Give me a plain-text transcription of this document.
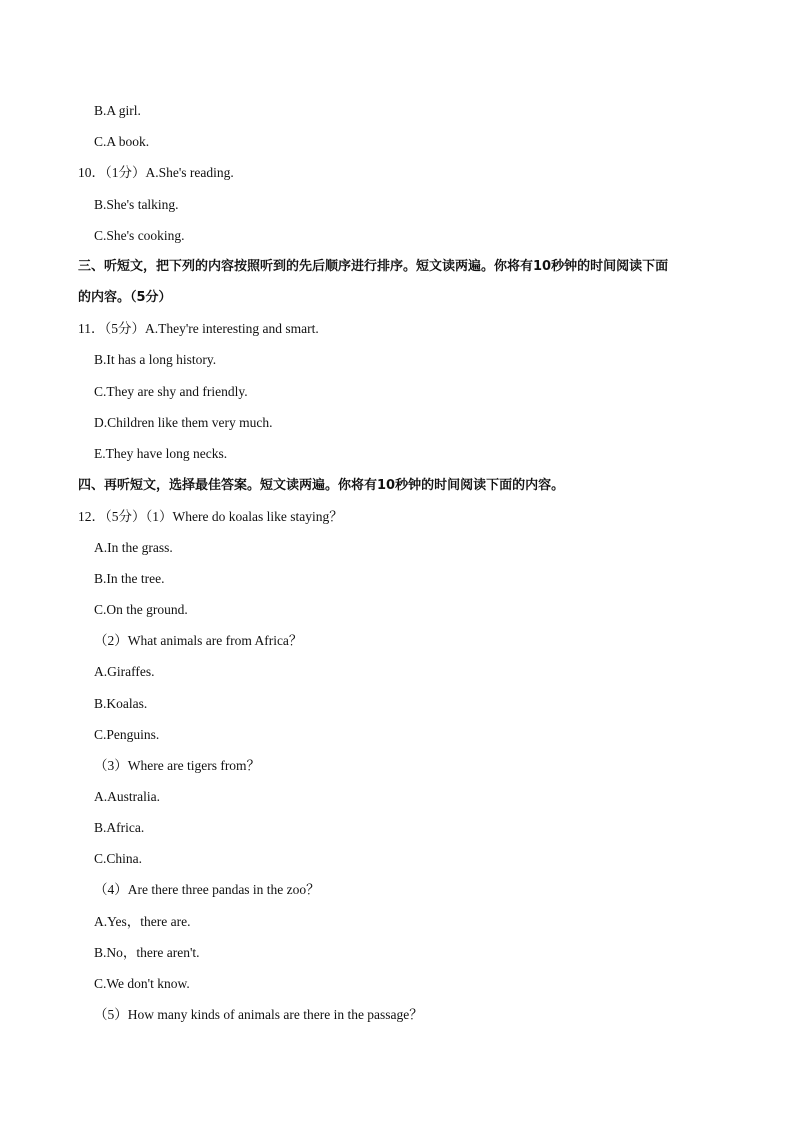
B.A girl.
C.A book.
10．（1分）A.She's reading.
B.She's talking.
C.She's cooking.
三、听短文，把下列的内容按照听到的先后顺序进行排序。短文读两遍。你将有10秒钟的时间阅读下面
的内容。（5分）
11．（5分）A.They're interesting and smart.
B.It has a long history.
C.They are shy and friendly.
D.Children like them very much.
E.They have long necks.
四、再听短文，选择最佳答案。短文读两遍。你将有10秒钟的时间阅读下面的内容。
12．（5分）（1）Where do koalas like staying？
A.In the grass.
B.In the tree.
C.On the ground.
（2）What animals are from Africa？
A.Giraffes.
B.Koalas.
C.Penguins.
（3）Where are tigers from？
A.Australia.
B.Africa.
C.China.
（4）Are there three pandas in the zoo？
A.Yes，there are.
B.No，there aren't.
C.We don't know.
（5）How many kinds of animals are there in the passage？
